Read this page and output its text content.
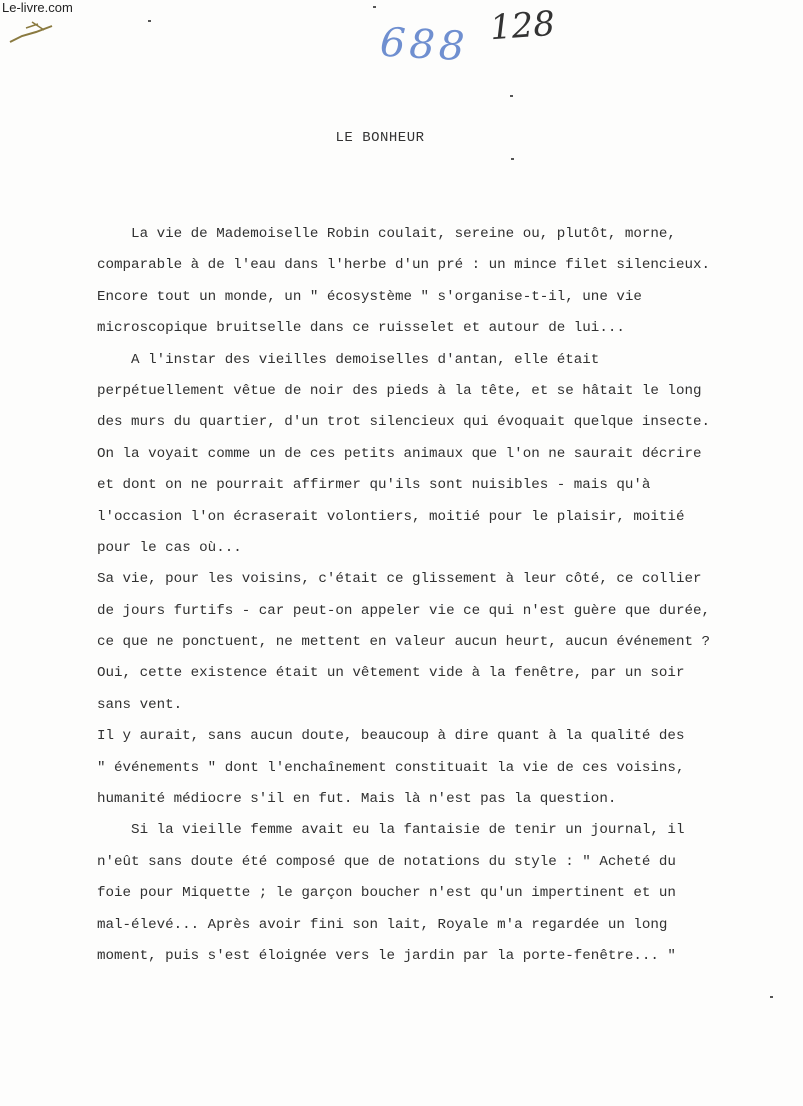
Le-livre.com
688 128
LE BONHEUR
La vie de Mademoiselle Robin coulait, sereine ou, plutôt, morne,
comparable à de l'eau dans l'herbe d'un pré : un mince filet silencieux.
Encore tout un monde, un " écosystème " s'organise-t-il, une vie
microscopique bruitselle dans ce ruisselet et autour de lui...
A l'instar des vieilles demoiselles d'antan, elle était
perpétuellement vêtue de noir des pieds à la tête, et se hâtait le long
des murs du quartier, d'un trot silencieux qui évoquait quelque insecte.
On la voyait comme un de ces petits animaux que l'on ne saurait décrire
et dont on ne pourrait affirmer qu'ils sont nuisibles - mais qu'à
l'occasion l'on écraserait volontiers, moitié pour le plaisir, moitié
pour le cas où...
Sa vie, pour les voisins, c'était ce glissement à leur côté, ce collier
de jours furtifs - car peut-on appeler vie ce qui n'est guère que durée,
ce que ne ponctuent, ne mettent en valeur aucun heurt, aucun événement ?
Oui, cette existence était un vêtement vide à la fenêtre, par un soir
sans vent.
Il y aurait, sans aucun doute, beaucoup à dire quant à la qualité des
" événements " dont l'enchaînement constituait la vie de ces voisins,
humanité médiocre s'il en fut. Mais là n'est pas la question.
Si la vieille femme avait eu la fantaisie de tenir un journal, il
n'eût sans doute été composé que de notations du style : " Acheté du
foie pour Miquette ; le garçon boucher n'est qu'un impertinent et un
mal-élevé... Après avoir fini son lait, Royale m'a regardée un long
moment, puis s'est éloignée vers le jardin par la porte-fenêtre... "
